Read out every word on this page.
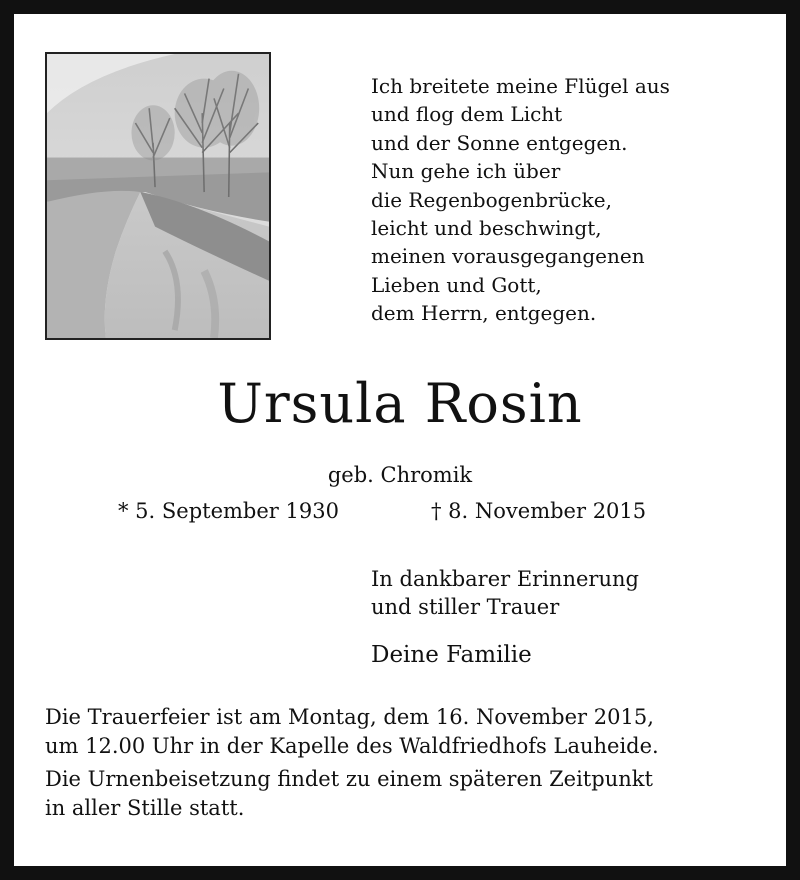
Ich breitete meine Flügel aus
und flog dem Licht
und der Sonne entgegen.
Nun gehe ich über
die Regenbogenbrücke,
leicht und beschwingt,
meinen vorausgegangenen
Lieben und Gott,
dem Herrn, entgegen.
Ursula Rosin
geb. Chromik
* 5. September 1930	† 8. November 2015
In dankbarer Erinnerung
und stiller Trauer
Deine Familie

Die Trauerfeier ist am Montag, dem 16. November 2015,
um 12.00 Uhr in der Kapelle des Waldfriedhofs Lauheide.

Die Urnenbeisetzung findet zu einem späteren Zeitpunkt
in aller Stille statt.
